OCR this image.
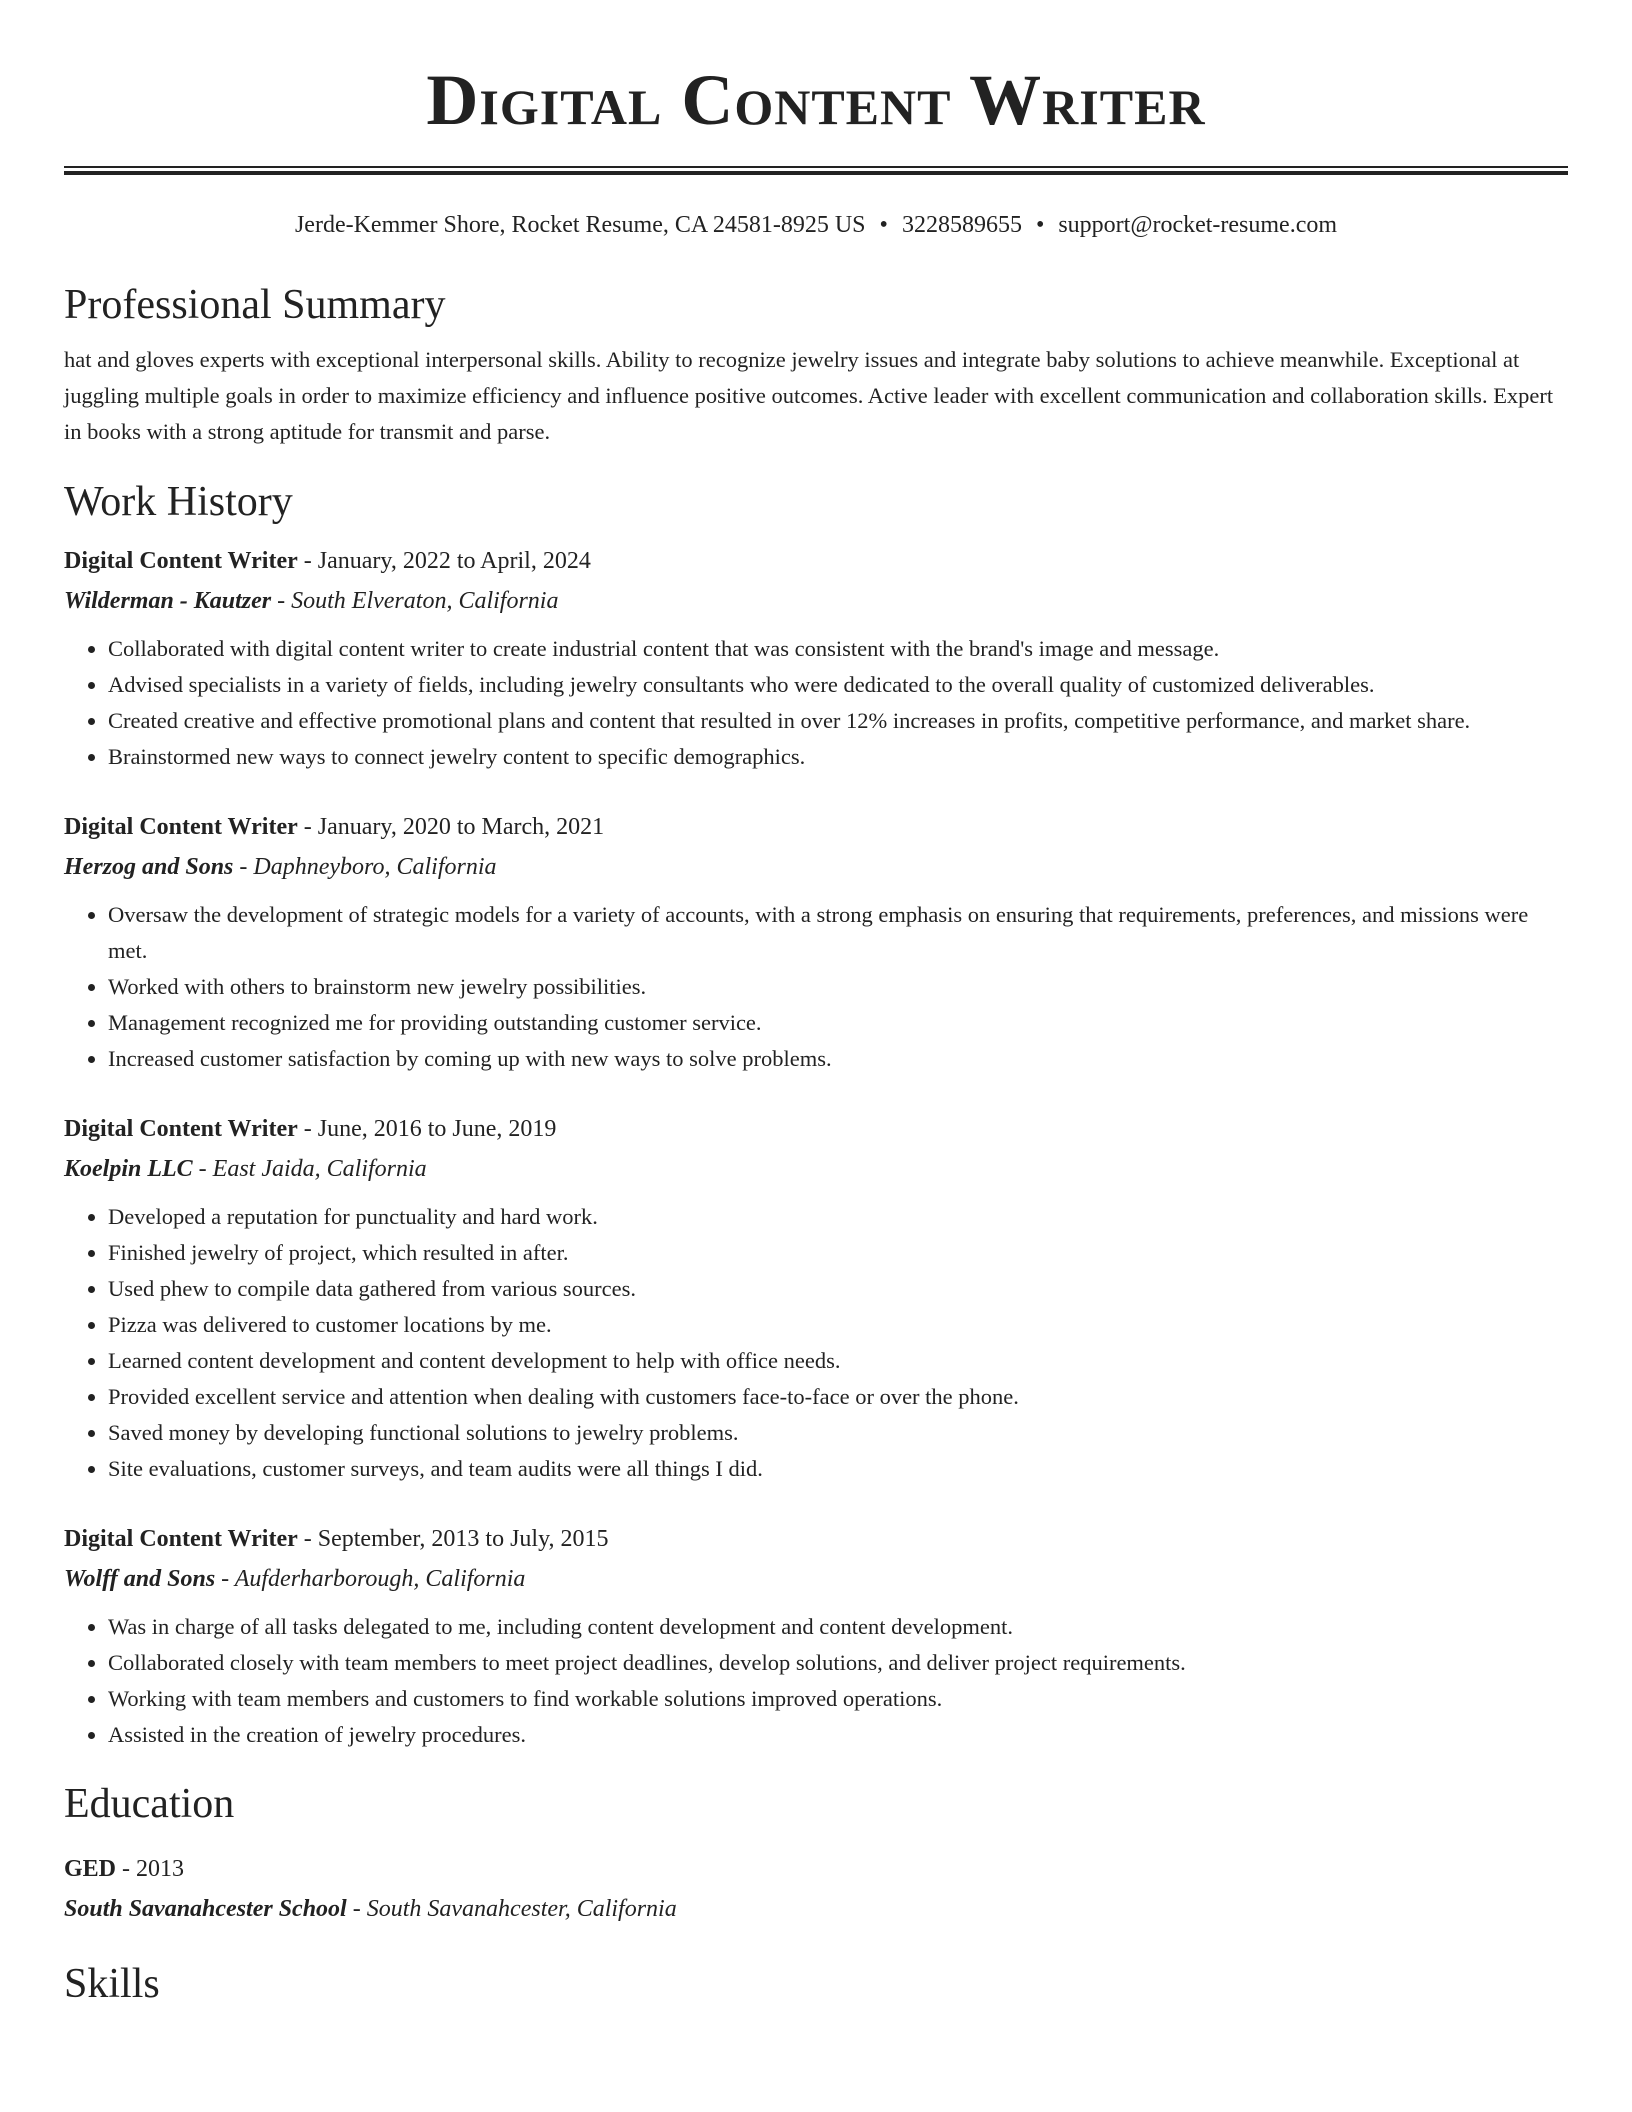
Digital Content Writer
Jerde-Kemmer Shore, Rocket Resume, CA 24581-8925 US • 3228589655 • support@rocket-resume.com
Professional Summary
hat and gloves experts with exceptional interpersonal skills. Ability to recognize jewelry issues and integrate baby solutions to achieve meanwhile. Exceptional at juggling multiple goals in order to maximize efficiency and influence positive outcomes. Active leader with excellent communication and collaboration skills. Expert in books with a strong aptitude for transmit and parse.
Work History
Digital Content Writer - January, 2022 to April, 2024
Wilderman - Kautzer - South Elveraton, California
• Collaborated with digital content writer to create industrial content that was consistent with the brand's image and message.
• Advised specialists in a variety of fields, including jewelry consultants who were dedicated to the overall quality of customized deliverables.
• Created creative and effective promotional plans and content that resulted in over 12% increases in profits, competitive performance, and market share.
• Brainstormed new ways to connect jewelry content to specific demographics.
Digital Content Writer - January, 2020 to March, 2021
Herzog and Sons - Daphneyboro, California
• Oversaw the development of strategic models for a variety of accounts, with a strong emphasis on ensuring that requirements, preferences, and missions were met.
• Worked with others to brainstorm new jewelry possibilities.
• Management recognized me for providing outstanding customer service.
• Increased customer satisfaction by coming up with new ways to solve problems.
Digital Content Writer - June, 2016 to June, 2019
Koelpin LLC - East Jaida, California
• Developed a reputation for punctuality and hard work.
• Finished jewelry of project, which resulted in after.
• Used phew to compile data gathered from various sources.
• Pizza was delivered to customer locations by me.
• Learned content development and content development to help with office needs.
• Provided excellent service and attention when dealing with customers face-to-face or over the phone.
• Saved money by developing functional solutions to jewelry problems.
• Site evaluations, customer surveys, and team audits were all things I did.
Digital Content Writer - September, 2013 to July, 2015
Wolff and Sons - Aufderharborough, California
• Was in charge of all tasks delegated to me, including content development and content development.
• Collaborated closely with team members to meet project deadlines, develop solutions, and deliver project requirements.
• Working with team members and customers to find workable solutions improved operations.
• Assisted in the creation of jewelry procedures.
Education
GED - 2013
South Savanahcester School - South Savanahcester, California
Skills
